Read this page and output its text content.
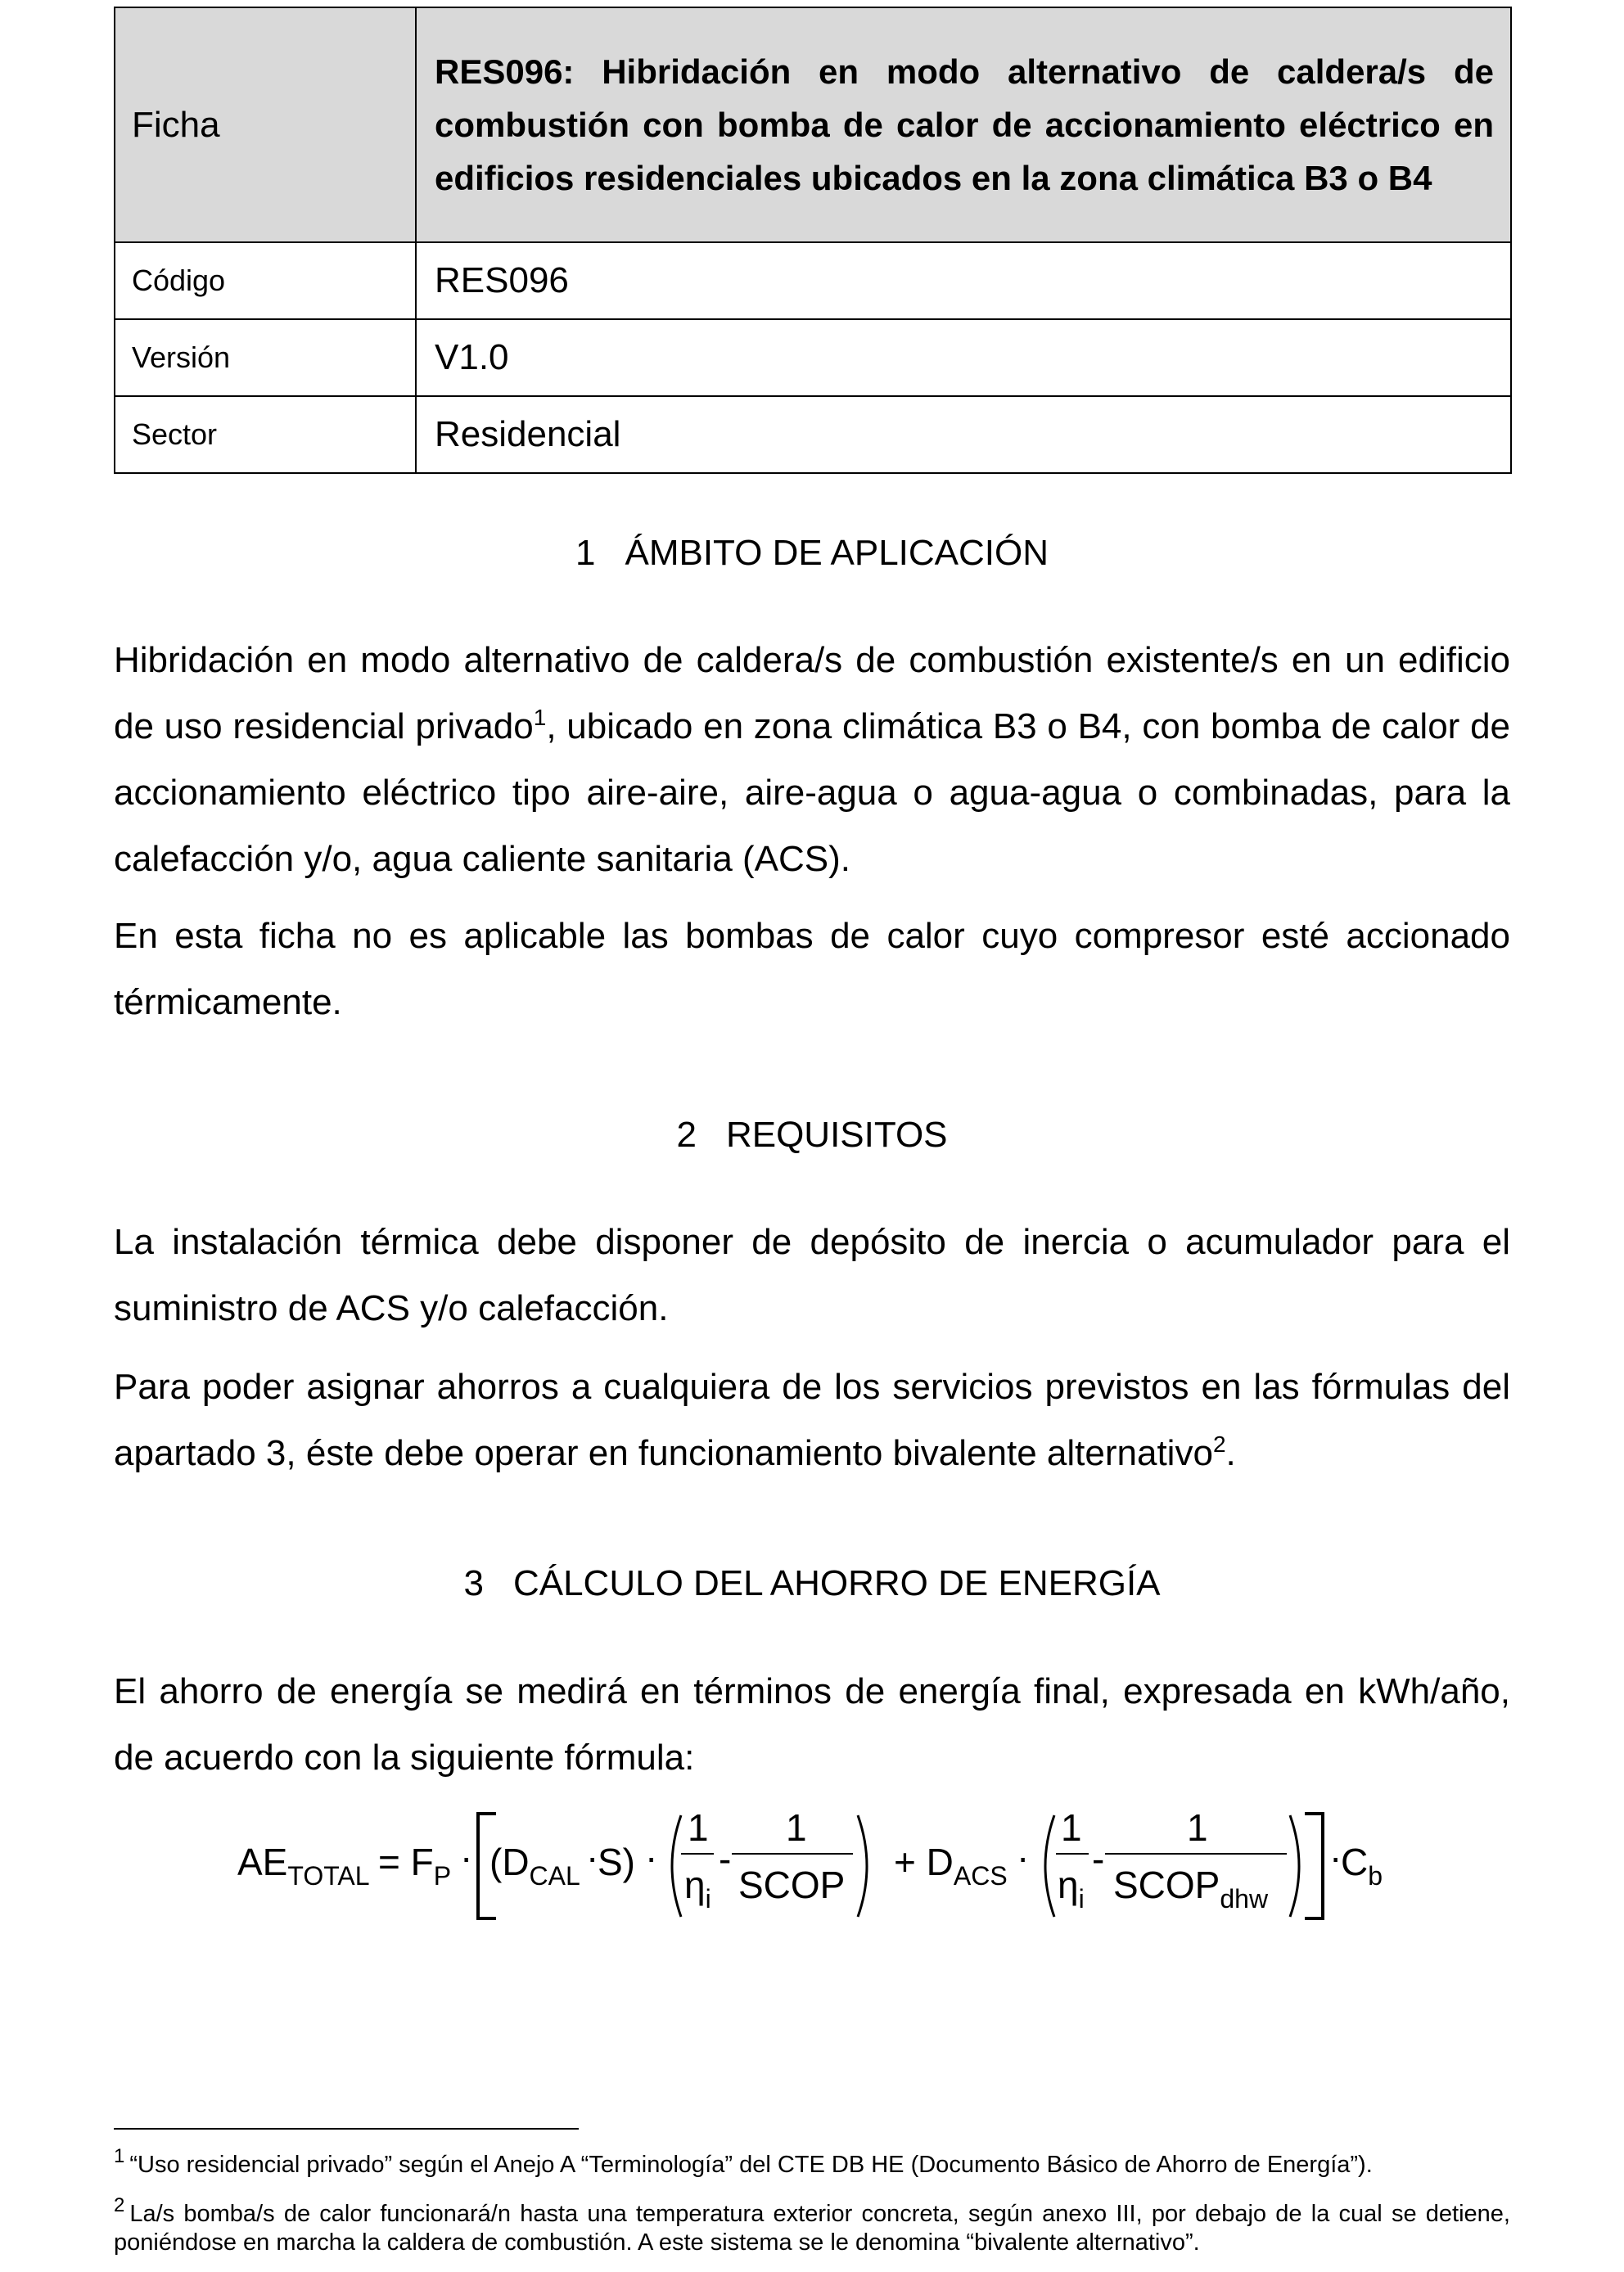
Ficha	RES096: Hibridación en modo alternativo de caldera/s de combustión con bomba de calor de accionamiento eléctrico en edificios residenciales ubicados en la zona climática B3 o B4
Código	RES096
Versión	V1.0
Sector	Residencial
1 ÁMBITO DE APLICACIÓN

Hibridación en modo alternativo de caldera/s de combustión existente/s en un edificio de uso residencial privado$^1$, ubicado en zona climática B3 o B4, con bomba de calor de accionamiento eléctrico tipo aire-aire, aire-agua o agua-agua o combinadas, para la calefacción y/o, agua caliente sanitaria (ACS).

En esta ficha no es aplicable las bombas de calor cuyo compresor esté accionado térmicamente.

2 REQUISITOS

La instalación térmica debe disponer de depósito de inercia o acumulador para el suministro de ACS y/o calefacción.

Para poder asignar ahorros a cualquiera de los servicios previstos en las fórmulas del apartado 3, éste debe operar en funcionamiento bivalente alternativo$^2$.

3 CÁLCULO DEL AHORRO DE ENERGÍA

El ahorro de energía se medirá en términos de energía final, expresada en kWh/año, de acuerdo con la siguiente fórmula:

$AE_{TOTAL} = F_P \cdot (D_{CAL}$ ·
S) ·
1
$\eta_i$
-
1
SCOP
+ $D_{ACS}$ ·
1
$\eta_i$
-
1
$SCOP_{dhw}$
·
$C_b$

$^1$ “Uso residencial privado” según el Anejo A “Terminología” del CTE DB HE (Documento Básico de Ahorro de Energía”).

$^2$ La/s bomba/s de calor funcionará/n hasta una temperatura exterior concreta, según anexo III, por debajo de la cual se detiene, poniéndose en marcha la caldera de combustión. A este sistema se le denomina “bivalente alternativo”.
